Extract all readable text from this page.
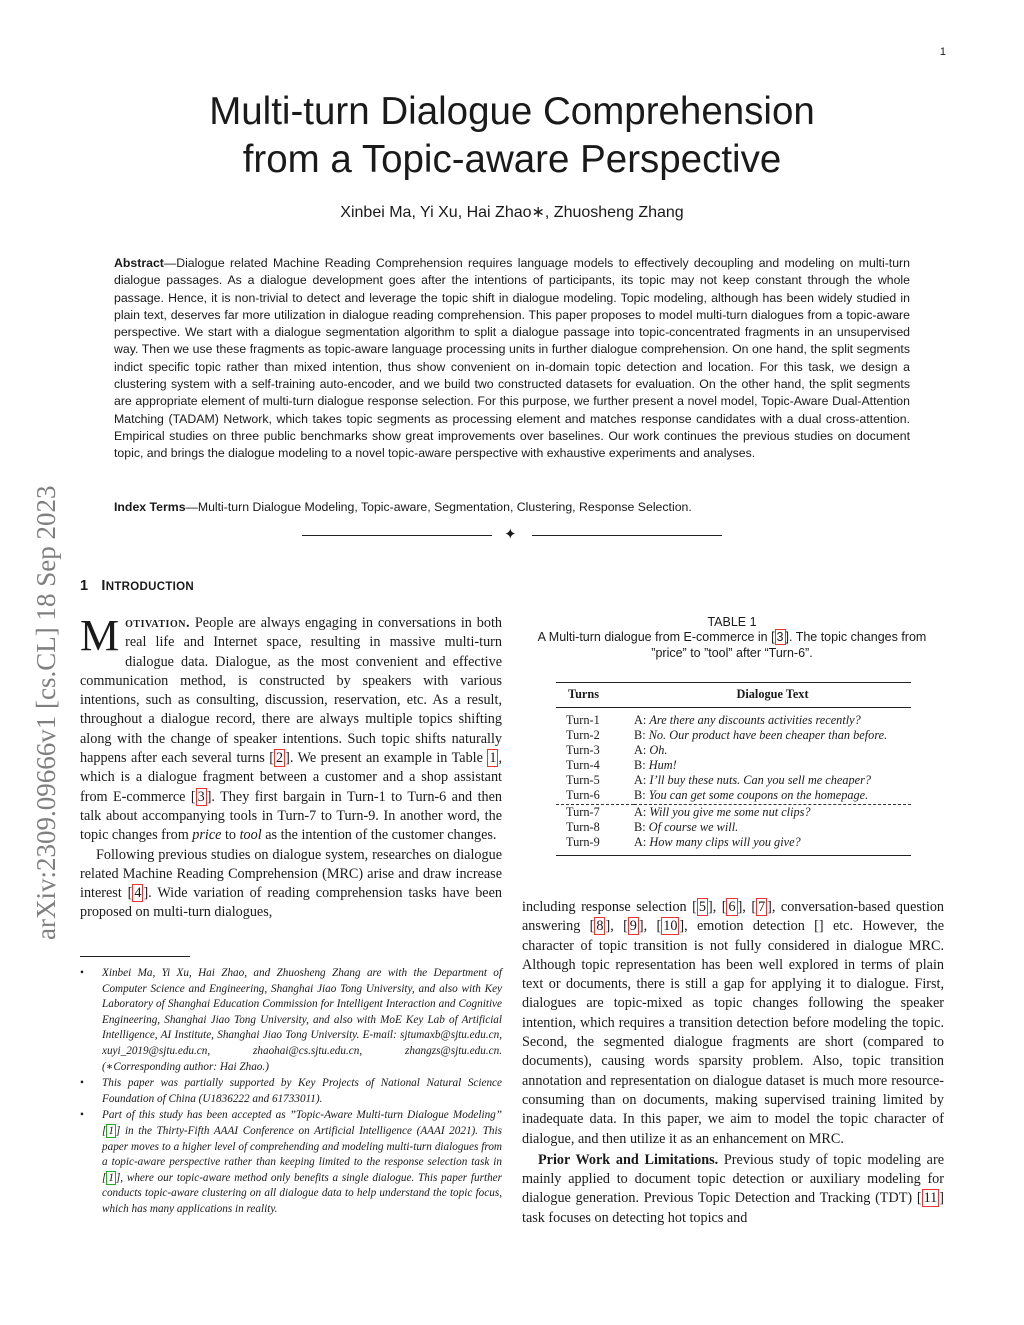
1
arXiv:2309.09666v1 [cs.CL] 18 Sep 2023
Multi-turn Dialogue Comprehension
from a Topic-aware Perspective
Xinbei Ma, Yi Xu, Hai Zhao∗, Zhuosheng Zhang

Abstract—Dialogue related Machine Reading Comprehension requires language models to effectively decoupling and modeling on multi-turn dialogue passages. As a dialogue development goes after the intentions of participants, its topic may not keep constant through the whole passage. Hence, it is non-trivial to detect and leverage the topic shift in dialogue modeling. Topic modeling, although has been widely studied in plain text, deserves far more utilization in dialogue reading comprehension. This paper proposes to model multi-turn dialogues from a topic-aware perspective. We start with a dialogue segmentation algorithm to split a dialogue passage into topic-concentrated fragments in an unsupervised way. Then we use these fragments as topic-aware language processing units in further dialogue comprehension. On one hand, the split segments indict specific topic rather than mixed intention, thus show convenient on in-domain topic detection and location. For this task, we design a clustering system with a self-training auto-encoder, and we build two constructed datasets for evaluation. On the other hand, the split segments are appropriate element of multi-turn dialogue response selection. For this purpose, we further present a novel model, Topic-Aware Dual-Attention Matching (TADAM) Network, which takes topic segments as processing element and matches response candidates with a dual cross-attention. Empirical studies on three public benchmarks show great improvements over baselines. Our work continues the previous studies on document topic, and brings the dialogue modeling to a novel topic-aware perspective with exhaustive experiments and analyses.

Index Terms—Multi-turn Dialogue Modeling, Topic-aware, Segmentation, Clustering, Response Selection.

✦
1 INTRODUCTION

Motivation. People are always engaging in conversations in both real life and Internet space, resulting in massive multi-turn dialogue data. Dialogue, as the most convenient and effective communication method, is constructed by speakers with various intentions, such as consulting, discussion, reservation, etc. As a result, throughout a dialogue record, there are always multiple topics shifting along with the change of speaker intentions. Such topic shifts naturally happens after each several turns [ 2 ]. We present an example in Table 1 , which is a dialogue fragment between a customer and a shop assistant from E-commerce [ 3 ]. They first bargain in Turn-1 to Turn-6 and then talk about accompanying tools in Turn-7 to Turn-9. In another word, the topic changes from price to tool as the intention of the customer changes.

Following previous studies on dialogue system, researches on dialogue related Machine Reading Comprehension (MRC) arise and draw increase interest [ 4 ]. Wide variation of reading comprehension tasks have been proposed on multi-turn dialogues,

• Xinbei Ma, Yi Xu, Hai Zhao, and Zhuosheng Zhang are with the Department of Computer Science and Engineering, Shanghai Jiao Tong University, and also with Key Laboratory of Shanghai Education Commission for Intelligent Interaction and Cognitive Engineering, Shanghai Jiao Tong University, and also with MoE Key Lab of Artificial Intelligence, AI Institute, Shanghai Jiao Tong University. E-mail: sjtumaxb@sjtu.edu.cn, xuyi_2019@sjtu.edu.cn, zhaohai@cs.sjtu.edu.cn, zhangzs@sjtu.edu.cn. (∗Corresponding author: Hai Zhao.)
• This paper was partially supported by Key Projects of National Natural Science Foundation of China (U1836222 and 61733011).
• Part of this study has been accepted as ”Topic-Aware Multi-turn Dialogue Modeling” [ 1 ] in the Thirty-Fifth AAAI Conference on Artificial Intelligence (AAAI 2021). This paper moves to a higher level of comprehending and modeling multi-turn dialogues from a topic-aware perspective rather than keeping limited to the response selection task in [ 1 ], where our topic-aware method only benefits a single dialogue. This paper further conducts topic-aware clustering on all dialogue data to help understand the topic focus, which has many applications in reality.
TABLE 1
A Multi-turn dialogue from E-commerce in [ 3 ]. The topic changes from ”price” to ”tool” after “Turn-6”.
Turns	Dialogue Text
Turn-1	A: Are there any discounts activities recently?
Turn-2	B: No. Our product have been cheaper than before.
Turn-3	A: Oh.
Turn-4	B: Hum!
Turn-5	A: I’ll buy these nuts. Can you sell me cheaper?
Turn-6	B: You can get some coupons on the homepage.
Turn-7	A: Will you give me some nut clips?
Turn-8	B: Of course we will.
Turn-9	A: How many clips will you give?

including response selection [ 5 ], [ 6 ], [ 7 ], conversation-based question answering [ 8 ], [ 9 ], [ 10 ], emotion detection [] etc. However, the character of topic transition is not fully considered in dialogue MRC. Although topic representation has been well explored in terms of plain text or documents, there is still a gap for applying it to dialogue. First, dialogues are topic-mixed as topic changes following the speaker intention, which requires a transition detection before modeling the topic. Second, the segmented dialogue fragments are short (compared to documents), causing words sparsity problem. Also, topic transition annotation and representation on dialogue dataset is much more resource-consuming than on documents, making supervised training limited by inadequate data. In this paper, we aim to model the topic character of dialogue, and then utilize it as an enhancement on MRC.

Prior Work and Limitations. Previous study of topic modeling are mainly applied to document topic detection or auxiliary modeling for dialogue generation. Previous Topic Detection and Tracking (TDT) [ 11 ] task focuses on detecting hot topics and
